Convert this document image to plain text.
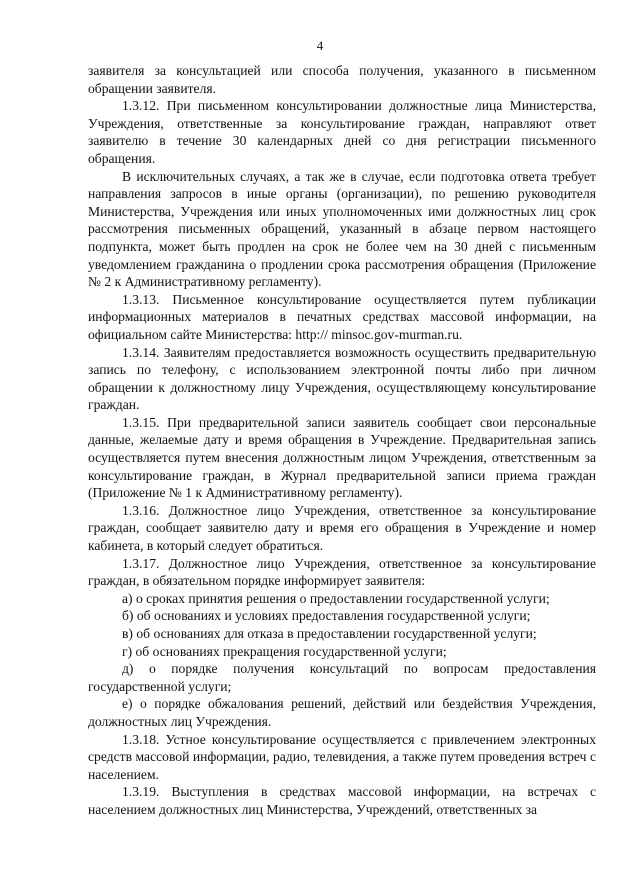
4

заявителя за консультацией или способа получения, указанного в письменном обращении заявителя.

1.3.12. При письменном консультировании должностные лица Министерства, Учреждения, ответственные за консультирование граждан, направляют ответ заявителю в течение 30 календарных дней со дня регистрации письменного обращения.

В исключительных случаях, а так же в случае, если подготовка ответа требует направления запросов в иные органы (организации), по решению руководителя Министерства, Учреждения или иных уполномоченных ими должностных лиц срок рассмотрения письменных обращений, указанный в абзаце первом настоящего подпункта, может быть продлен на срок не более чем на 30 дней с письменным уведомлением гражданина о продлении срока рассмотрения обращения (Приложение № 2 к Административному регламенту).

1.3.13. Письменное консультирование осуществляется путем публикации информационных материалов в печатных средствах массовой информации, на официальном сайте Министерства: http:// minsoc.gov-murman.ru.

1.3.14. Заявителям предоставляется возможность осуществить предварительную запись по телефону, с использованием электронной почты либо при личном обращении к должностному лицу Учреждения, осуществляющему консультирование граждан.

1.3.15. При предварительной записи заявитель сообщает свои персональные данные, желаемые дату и время обращения в Учреждение. Предварительная запись осуществляется путем внесения должностным лицом Учреждения, ответственным за консультирование граждан, в Журнал предварительной записи приема граждан (Приложение № 1 к Административному регламенту).

1.3.16. Должностное лицо Учреждения, ответственное за консультирование граждан, сообщает заявителю дату и время его обращения в Учреждение и номер кабинета, в который следует обратиться.

1.3.17. Должностное лицо Учреждения, ответственное за консультирование граждан, в обязательном порядке информирует заявителя:

а) о сроках принятия решения о предоставлении государственной услуги;

б) об основаниях и условиях предоставления государственной услуги;

в) об основаниях для отказа в предоставлении государственной услуги;

г) об основаниях прекращения государственной услуги;

д) о порядке получения консультаций по вопросам предоставления государственной услуги;

е) о порядке обжалования решений, действий или бездействия Учреждения, должностных лиц Учреждения.

1.3.18. Устное консультирование осуществляется с привлечением электронных средств массовой информации, радио, телевидения, а также путем проведения встреч с населением.

1.3.19. Выступления в средствах массовой информации, на встречах с населением должностных лиц Министерства, Учреждений, ответственных за
